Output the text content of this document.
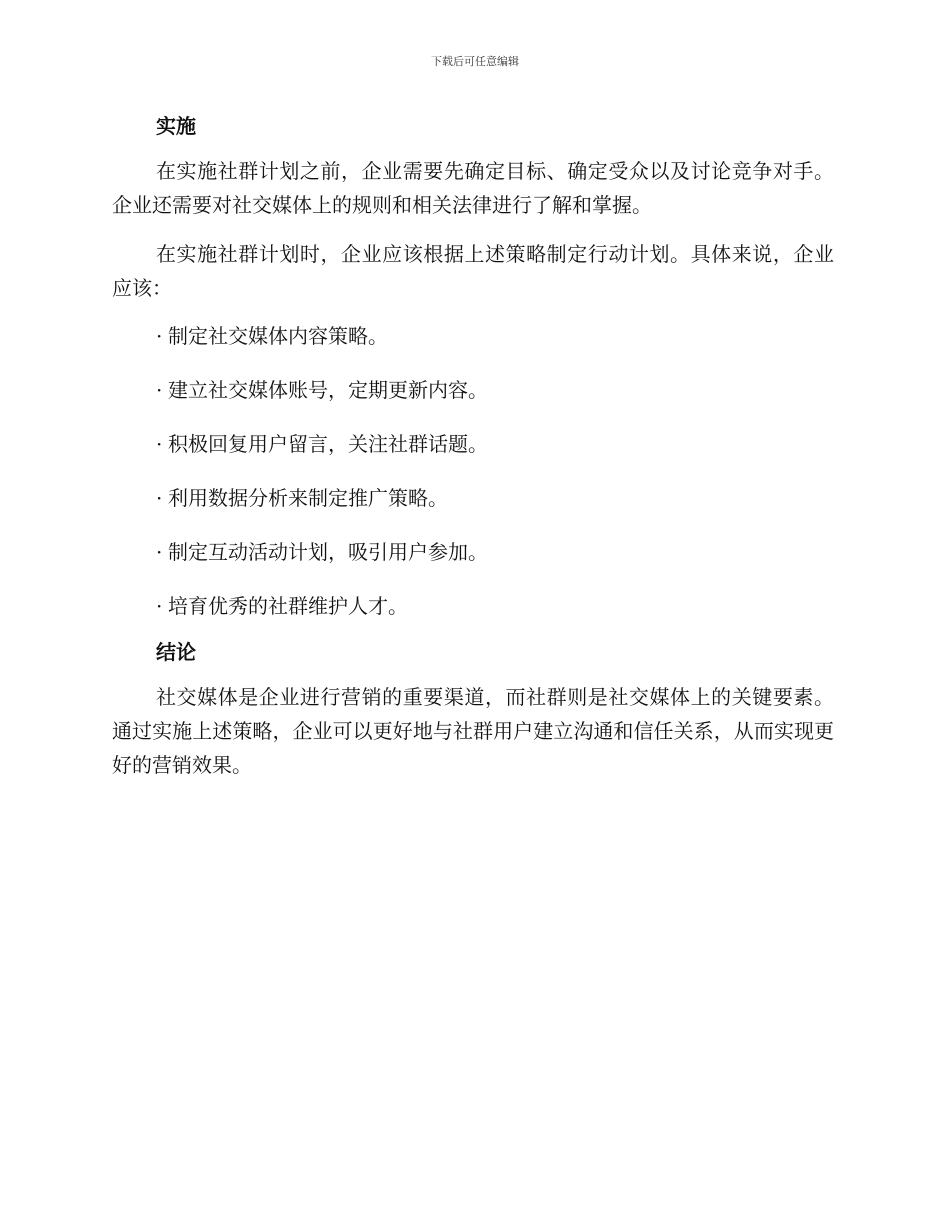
下载后可任意编辑
实施

在实施社群计划之前，企业需要先确定目标、确定受众以及讨论竞争对手。企业还需要对社交媒体上的规则和相关法律进行了解和掌握。

在实施社群计划时，企业应该根据上述策略制定行动计划。具体来说，企业应该：

· 制定社交媒体内容策略。
· 建立社交媒体账号，定期更新内容。
· 积极回复用户留言，关注社群话题。
· 利用数据分析来制定推广策略。
· 制定互动活动计划，吸引用户参加。
· 培育优秀的社群维护人才。
结论

社交媒体是企业进行营销的重要渠道，而社群则是社交媒体上的关键要素。通过实施上述策略，企业可以更好地与社群用户建立沟通和信任关系，从而实现更好的营销效果。
